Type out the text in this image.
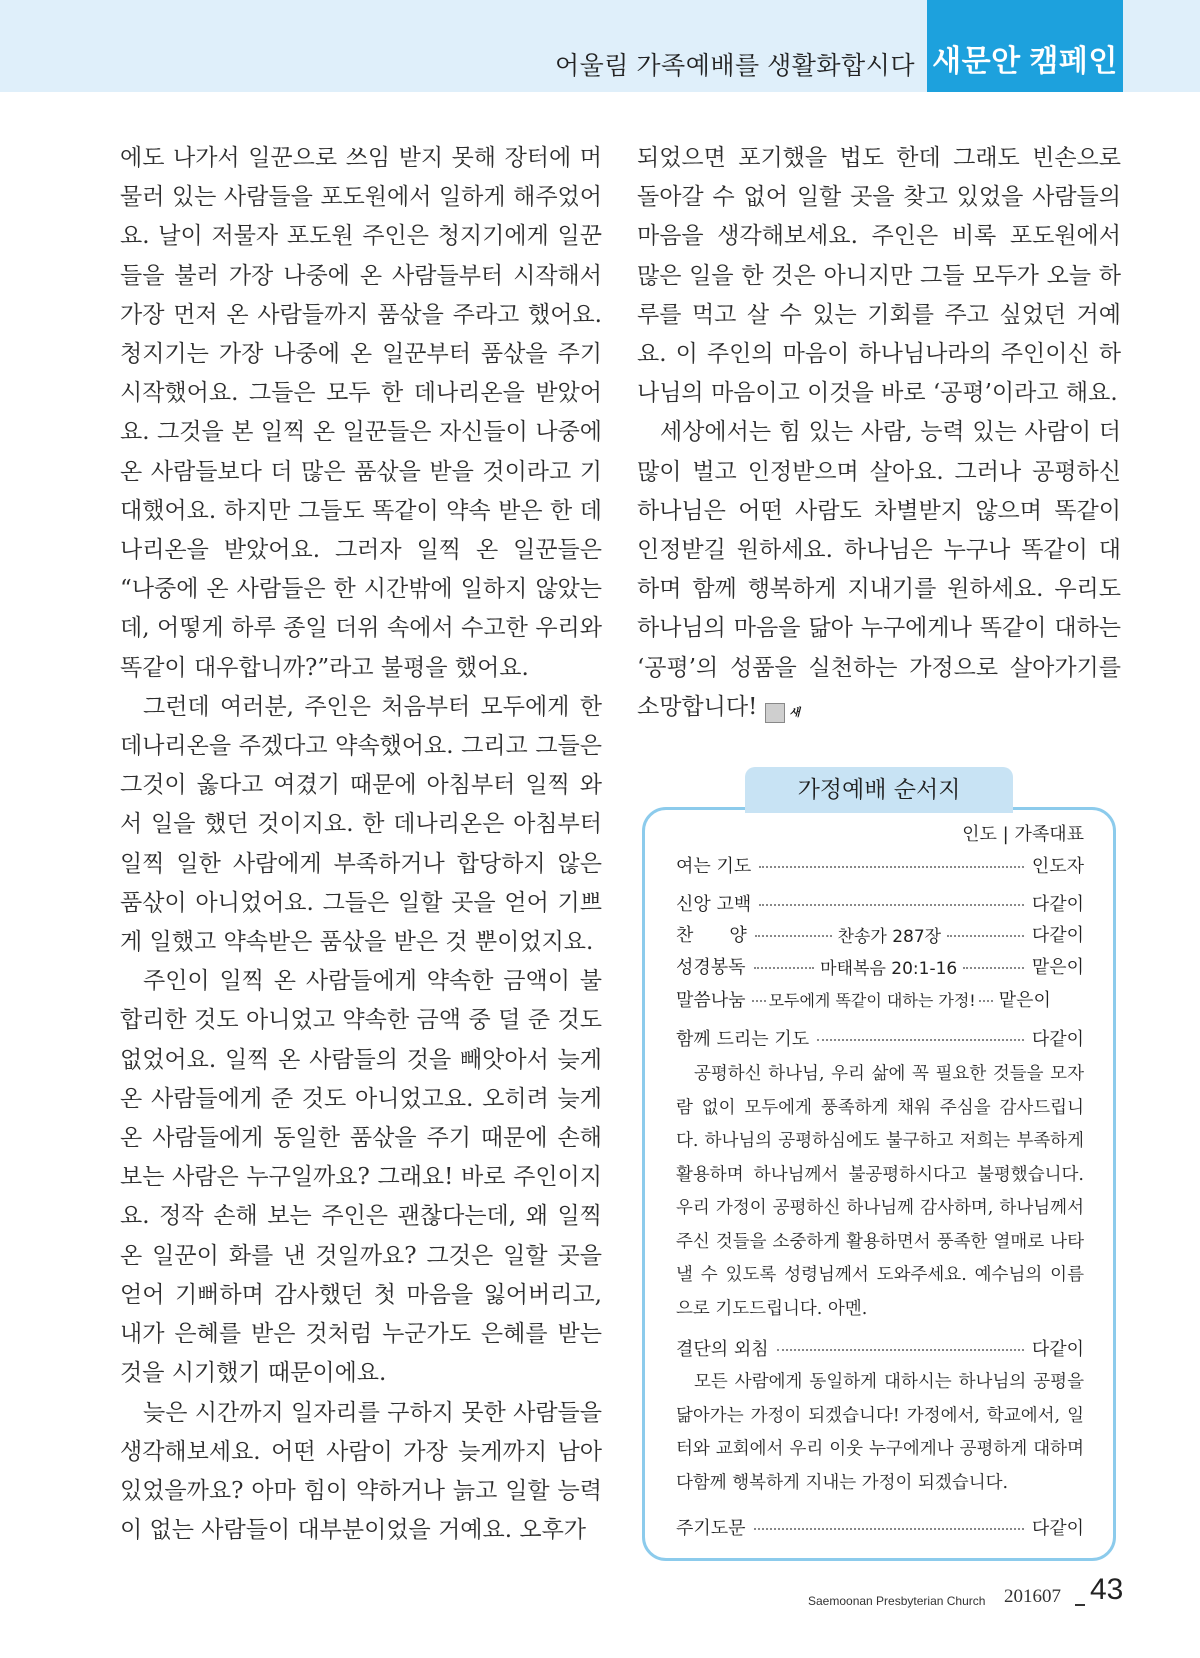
어울림 가족예배를 생활화합시다 새문안 캠페인

에도 나가서 일꾼으로 쓰임 받지 못해 장터에 머물러 있는 사람들을 포도원에서 일하게 해주었어요. 날이 저물자 포도원 주인은 청지기에게 일꾼들을 불러 가장 나중에 온 사람들부터 시작해서 가장 먼저 온 사람들까지 품삯을 주라고 했어요. 청지기는 가장 나중에 온 일꾼부터 품삯을 주기 시작했어요. 그들은 모두 한 데나리온을 받았어요. 그것을 본 일찍 온 일꾼들은 자신들이 나중에 온 사람들보다 더 많은 품삯을 받을 것이라고 기대했어요. 하지만 그들도 똑같이 약속 받은 한 데나리온을 받았어요. 그러자 일찍 온 일꾼들은 “나중에 온 사람들은 한 시간밖에 일하지 않았는데, 어떻게 하루 종일 더위 속에서 수고한 우리와 똑같이 대우합니까?”라고 불평을 했어요.

그런데 여러분, 주인은 처음부터 모두에게 한 데나리온을 주겠다고 약속했어요. 그리고 그들은 그것이 옳다고 여겼기 때문에 아침부터 일찍 와서 일을 했던 것이지요. 한 데나리온은 아침부터 일찍 일한 사람에게 부족하거나 합당하지 않은 품삯이 아니었어요. 그들은 일할 곳을 얻어 기쁘게 일했고 약속받은 품삯을 받은 것 뿐이었지요.

주인이 일찍 온 사람들에게 약속한 금액이 불합리한 것도 아니었고 약속한 금액 중 덜 준 것도 없었어요. 일찍 온 사람들의 것을 빼앗아서 늦게 온 사람들에게 준 것도 아니었고요. 오히려 늦게 온 사람들에게 동일한 품삯을 주기 때문에 손해 보는 사람은 누구일까요? 그래요! 바로 주인이지요. 정작 손해 보는 주인은 괜찮다는데, 왜 일찍 온 일꾼이 화를 낸 것일까요? 그것은 일할 곳을 얻어 기뻐하며 감사했던 첫 마음을 잃어버리고, 내가 은혜를 받은 것처럼 누군가도 은혜를 받는 것을 시기했기 때문이에요.

늦은 시간까지 일자리를 구하지 못한 사람들을 생각해보세요. 어떤 사람이 가장 늦게까지 남아 있었을까요? 아마 힘이 약하거나 늙고 일할 능력이 없는 사람들이 대부분이었을 거예요. 오후가

되었으면 포기했을 법도 한데 그래도 빈손으로 돌아갈 수 없어 일할 곳을 찾고 있었을 사람들의 마음을 생각해보세요. 주인은 비록 포도원에서 많은 일을 한 것은 아니지만 그들 모두가 오늘 하루를 먹고 살 수 있는 기회를 주고 싶었던 거예요. 이 주인의 마음이 하나님나라의 주인이신 하나님의 마음이고 이것을 바로 ‘공평’이라고 해요.

세상에서는 힘 있는 사람, 능력 있는 사람이 더 많이 벌고 인정받으며 살아요. 그러나 공평하신 하나님은 어떤 사람도 차별받지 않으며 똑같이 인정받길 원하세요. 하나님은 누구나 똑같이 대하며 함께 행복하게 지내기를 원하세요. 우리도 하나님의 마음을 닮아 누구에게나 똑같이 대하는 ‘공평’의 성품을 실천하는 가정으로 살아가기를 소망합니다!	새

가정예배 순서지
인도 | 가족대표
여는 기도	인도자
신앙 고백	다같이
찬　　양	찬송가 287장	다같이
성경봉독	마태복음 20:1-16	맡은이
말씀나눔 모두에게 똑같이 대하는 가정! 맡은이
함께 드리는 기도	다같이

공평하신 하나님, 우리 삶에 꼭 필요한 것들을 모자람 없이 모두에게 풍족하게 채워 주심을 감사드립니다. 하나님의 공평하심에도 불구하고 저희는 부족하게 활용하며 하나님께서 불공평하시다고 불평했습니다. 우리 가정이 공평하신 하나님께 감사하며, 하나님께서 주신 것들을 소중하게 활용하면서 풍족한 열매로 나타낼 수 있도록 성령님께서 도와주세요. 예수님의 이름으로 기도드립니다. 아멘.

결단의 외침	다같이

모든 사람에게 동일하게 대하시는 하나님의 공평을 닮아가는 가정이 되겠습니다! 가정에서, 학교에서, 일터와 교회에서 우리 이웃 누구에게나 공평하게 대하며 다함께 행복하게 지내는 가정이 되겠습니다.

주기도문	다같이
Saemoonan Presbyterian Church 201607 43
